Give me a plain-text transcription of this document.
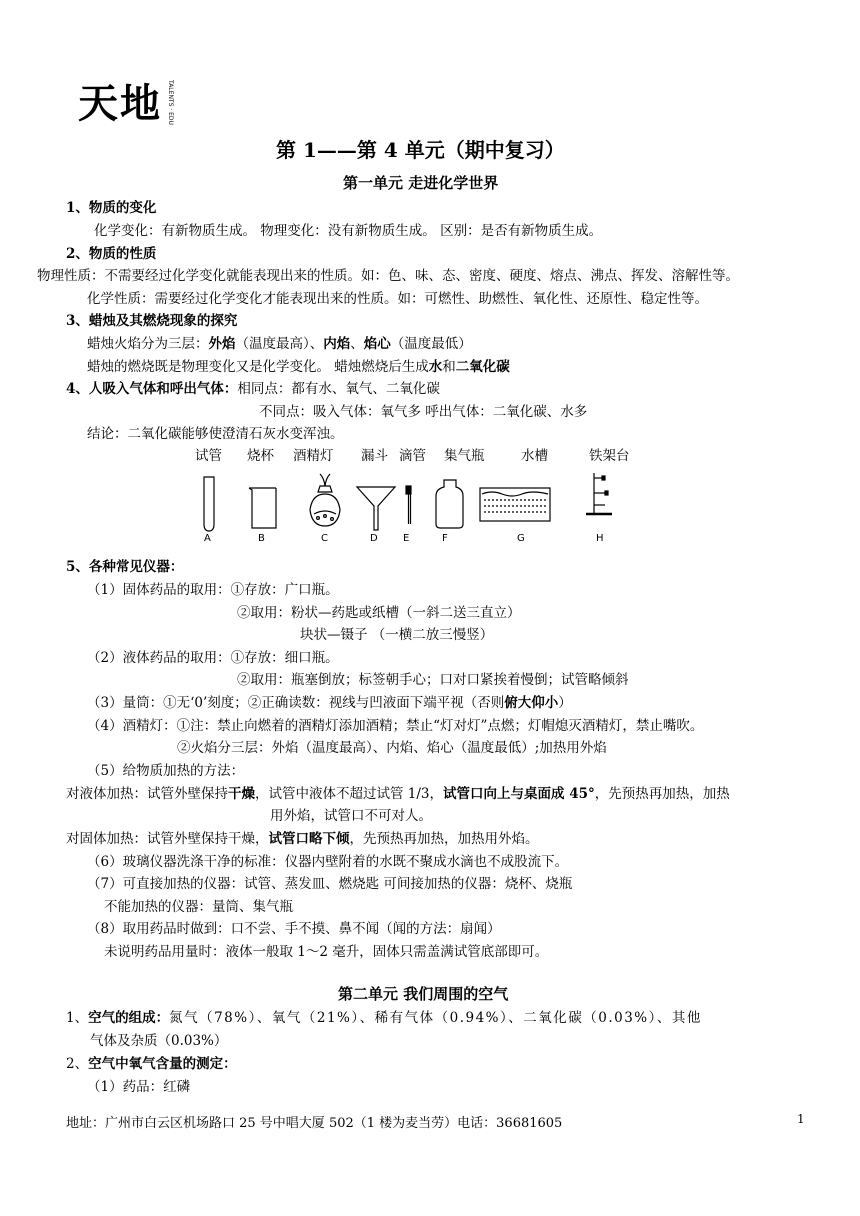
天地 TALENTS · EDU
第 1——第 4 单元（期中复习）
第一单元 走进化学世界
1、物质的变化
化学变化：有新物质生成。 物理变化：没有新物质生成。 区别：是否有新物质生成。
2、物质的性质
物理性质：不需要经过化学变化就能表现出来的性质。如：色、味、态、密度、硬度、熔点、沸点、挥发、溶解性等。
化学性质：需要经过化学变化才能表现出来的性质。如：可燃性、助燃性、氧化性、还原性、稳定性等。
3、蜡烛及其燃烧现象的探究
蜡烛火焰分为三层：外焰（温度最高）、内焰、焰心（温度最低）
蜡烛的燃烧既是物理变化又是化学变化。 蜡烛燃烧后生成水和二氧化碳
4、人吸入气体和呼出气体：相同点：都有水、氧气、二氧化碳
不同点：吸入气体：氧气多 呼出气体：二氧化碳、水多
结论：二氧化碳能够使澄清石灰水变浑浊。
试管 烧杯 酒精灯 漏斗 滴管 集气瓶	水槽	铁架台
A	B	C	D	E	F	G	H
5、各种常见仪器：
（1）固体药品的取用：①存放：广口瓶。
②取用：粉状—药匙或纸槽（一斜二送三直立）
块状—镊子 （一横二放三慢竖）
（2）液体药品的取用：①存放：细口瓶。
②取用：瓶塞倒放；标签朝手心；口对口紧挨着慢倒；试管略倾斜
（3）量筒：①无‘0’刻度；②正确读数：视线与凹液面下端平视（否则俯大仰小）
（4）酒精灯：①注：禁止向燃着的酒精灯添加酒精；禁止“灯对灯”点燃；灯帽熄灭酒精灯，禁止嘴吹。
②火焰分三层：外焰（温度最高）、内焰、焰心（温度最低）;加热用外焰
（5）给物质加热的方法：
对液体加热：试管外壁保持干燥，试管中液体不超过试管 1/3，试管口向上与桌面成 45°，先预热再加热，加热
用外焰，试管口不可对人。
对固体加热：试管外壁保持干燥，试管口略下倾，先预热再加热，加热用外焰。
（6）玻璃仪器洗涤干净的标准：仪器内壁附着的水既不聚成水滴也不成股流下。
（7）可直接加热的仪器：试管、蒸发皿、燃烧匙 可间接加热的仪器：烧杯、烧瓶
不能加热的仪器：量筒、集气瓶
（8）取用药品时做到：口不尝、手不摸、鼻不闻（闻的方法：扇闻）
未说明药品用量时：液体一般取 1～2 毫升，固体只需盖满试管底部即可。
第二单元 我们周围的空气
1、空气的组成：氮气（78%）、氧气（21%）、稀有气体（0.94%）、二氧化碳（0.03%）、其他
气体及杂质（0.03%）
2、空气中氧气含量的测定：
（1）药品：红磷
地址：广州市白云区机场路口 25 号中唱大厦 502（1 楼为麦当劳）电话：36681605	1
